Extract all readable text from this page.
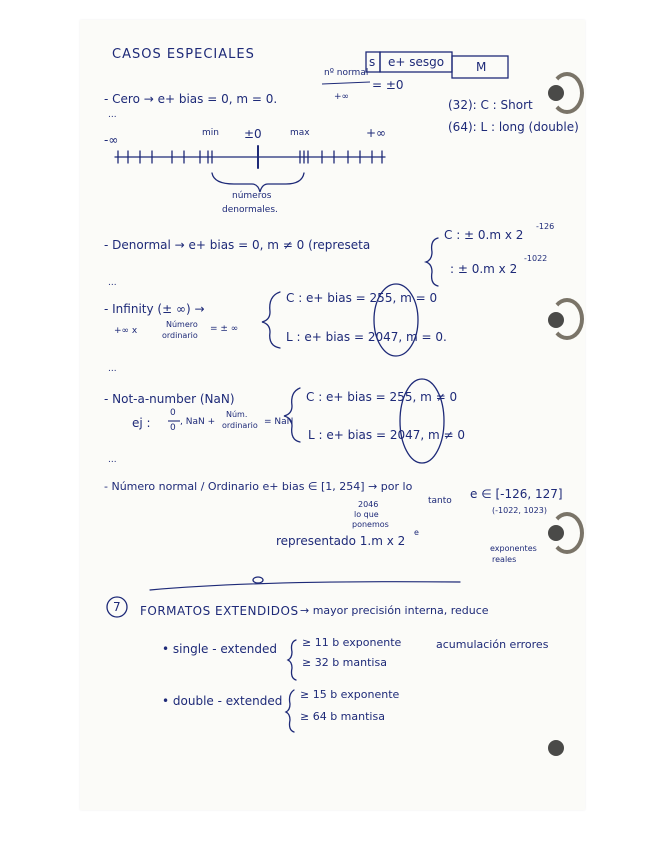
CASOS ESPECIALES	s e+ sesgo	M
- Cero → e+ bias = 0, m = 0.
nº normal
+∞
= ±0
...
(32): C : Short
(64): L : long (double)
-∞	min ±0	max	+∞
números
denormales.
- Denormal → e+ bias = 0, m ≠ 0 (represeta
C : ± 0.m x 2
-126
: ± 0.m x 2
-1022
...
- Infinity (± ∞) →
+∞ x
Número
ordinario
= ± ∞
C : e+ bias = 255, m = 0
L : e+ bias = 2047, m = 0.
...
- Not-a-number (NaN)
ej :
0
0
, NaN +
Núm.
ordinario = NaN
C : e+ bias = 255, m ≠ 0
L : e+ bias = 2047, m ≠ 0
...
- Número normal / Ordinario e+ bias ∈ [1, 254] → por lo
tanto e ∈ [-126, 127]
(-1022, 1023)
exponentes
reales
2046
lo que
ponemos
representado 1.m x 2
e
7 FORMATOS EXTENDIDOS → mayor precisión interna, reduce
acumulación errores
• single - extended ≥ 11 b exponente
≥ 32 b mantisa
• double - extended ≥ 15 b exponente
≥ 64 b mantisa
